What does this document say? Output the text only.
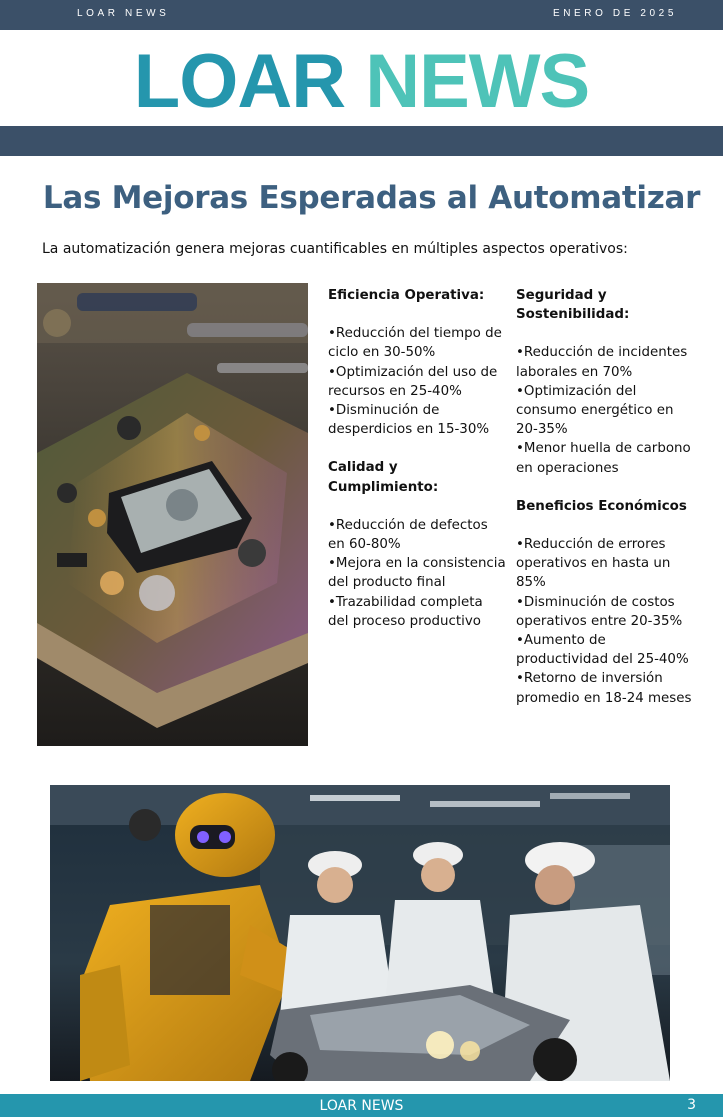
LOAR NEWS	ENERO DE 2025
LOAR NEWS
Las Mejoras Esperadas al Automatizar
La automatización genera mejoras cuantificables en múltiples aspectos operativos:
Eficiencia Operativa:

•Reducción del tiempo de ciclo en 30-50%

•Optimización del uso de recursos en 25-40%

•Disminución de desperdicios en 15-30%

Calidad y Cumplimiento:

•Reducción de defectos en 60-80%

•Mejora en la consistencia del producto final

•Trazabilidad completa del proceso productivo

Seguridad y Sostenibilidad:

•Reducción de incidentes laborales en 70%

•Optimización del consumo energético en 20-35%

•Menor huella de carbono en operaciones

Beneficios Económicos

•Reducción de errores operativos en hasta un 85%

•Disminución de costos operativos entre 20-35%

•Aumento de productividad del 25-40%

•Retorno de inversión promedio en 18-24 meses

LOAR NEWS	3
